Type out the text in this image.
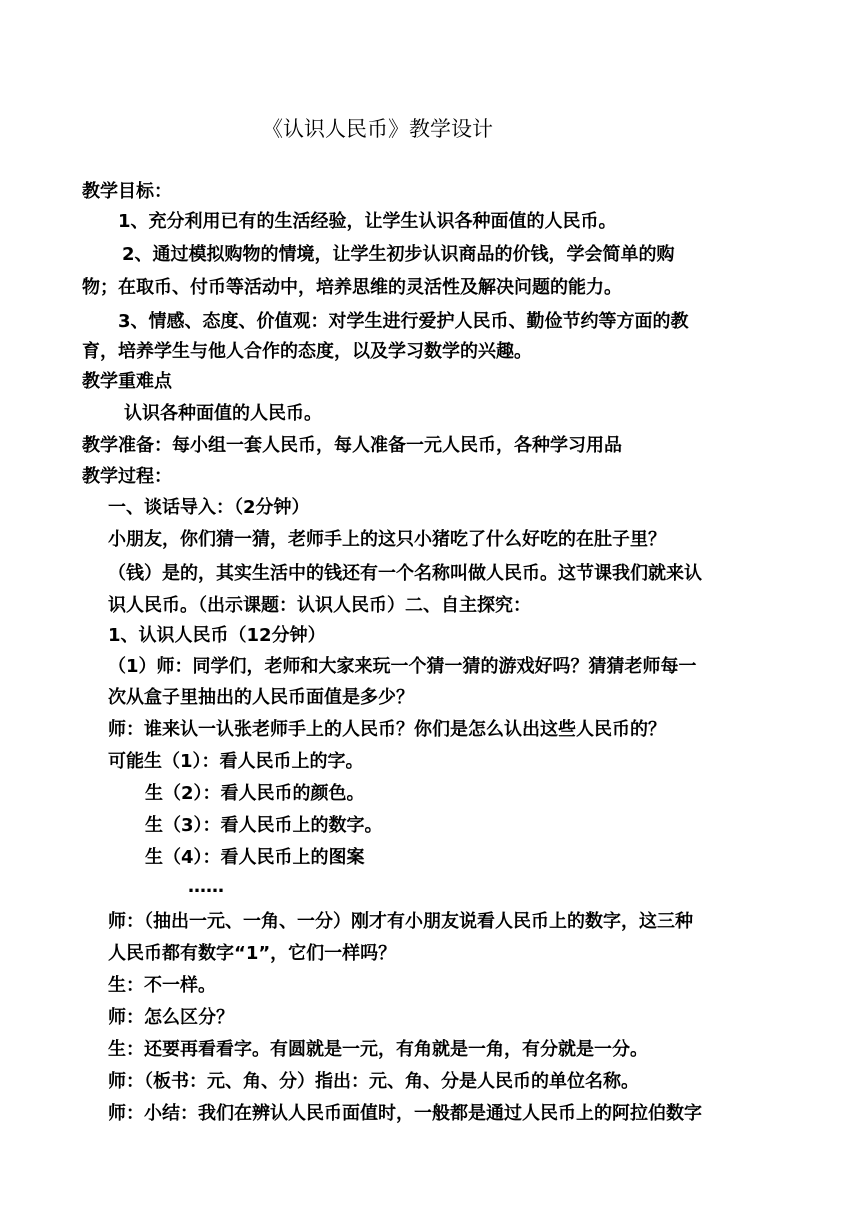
《认识人民币》教学设计
教学目标：
1、充分利用已有的生活经验，让学生认识各种面值的人民币。
2、通过模拟购物的情境，让学生初步认识商品的价钱，学会简单的购
物；在取币、付币等活动中，培养思维的灵活性及解决问题的能力。
3、情感、态度、价值观：对学生进行爱护人民币、勤俭节约等方面的教
育，培养学生与他人合作的态度，以及学习数学的兴趣。
教学重难点
认识各种面值的人民币。
教学准备：每小组一套人民币，每人准备一元人民币，各种学习用品
教学过程：
一、谈话导入：（2分钟）
小朋友，你们猜一猜，老师手上的这只小猪吃了什么好吃的在肚子里？
（钱）是的，其实生活中的钱还有一个名称叫做人民币。这节课我们就来认
识人民币。（出示课题：认识人民币）二、自主探究：
1、认识人民币（12分钟）
（1）师：同学们，老师和大家来玩一个猜一猜的游戏好吗？猜猜老师每一
次从盒子里抽出的人民币面值是多少？
师：谁来认一认张老师手上的人民币？你们是怎么认出这些人民币的？
可能生（1）：看人民币上的字。
生（2）：看人民币的颜色。
生（3）：看人民币上的数字。
生（4）：看人民币上的图案
……
师：（抽出一元、一角、一分）刚才有小朋友说看人民币上的数字，这三种
人民币都有数字“1”，它们一样吗？
生：不一样。
师：怎么区分？
生：还要再看看字。有圆就是一元，有角就是一角，有分就是一分。
师：（板书：元、角、分）指出：元、角、分是人民币的单位名称。
师：小结：我们在辨认人民币面值时，一般都是通过人民币上的阿拉伯数字
